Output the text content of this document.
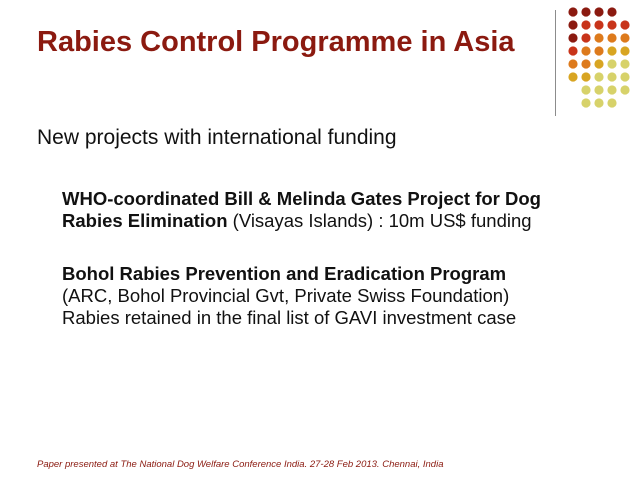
Rabies Control Programme in Asia

New projects with international funding

WHO-coordinated Bill & Melinda Gates Project for Dog Rabies Elimination (Visayas Islands) : 10m US$ funding
Bohol Rabies Prevention and Eradication Program
(ARC, Bohol Provincial Gvt, Private Swiss Foundation)
Rabies retained in the final list of GAVI investment case

Paper presented at The National Dog Welfare Conference India. 27-28 Feb 2013. Chennai, India
